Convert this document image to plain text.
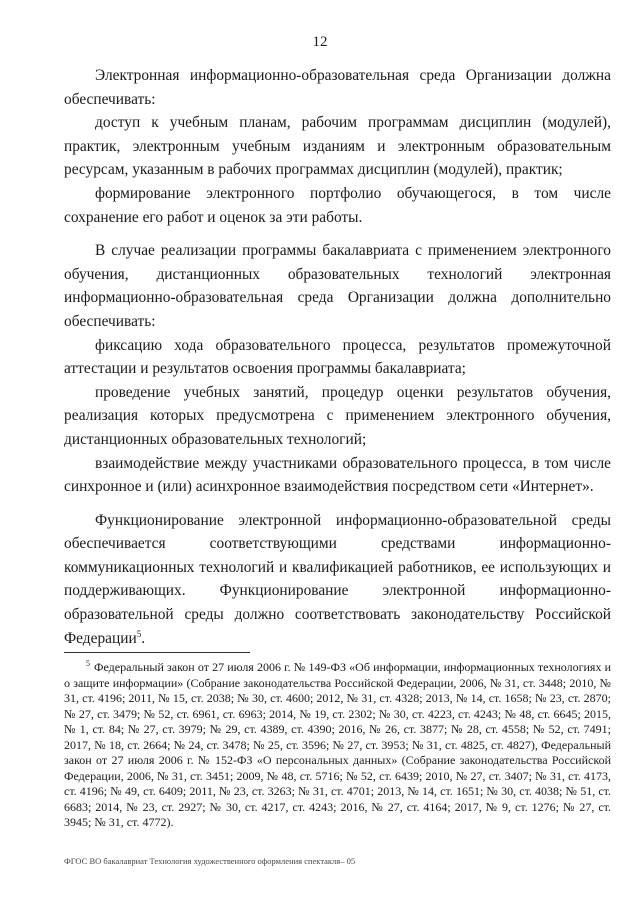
12

Электронная информационно-образовательная среда Организации должна обеспечивать:

доступ к учебным планам, рабочим программам дисциплин (модулей), практик, электронным учебным изданиям и электронным образовательным ресурсам, указанным в рабочих программах дисциплин (модулей), практик;

формирование электронного портфолио обучающегося, в том числе сохранение его работ и оценок за эти работы.

В случае реализации программы бакалавриата с применением электронного обучения, дистанционных образовательных технологий электронная информационно-образовательная среда Организации должна дополнительно обеспечивать:

фиксацию хода образовательного процесса, результатов промежуточной аттестации и результатов освоения программы бакалавриата;

проведение учебных занятий, процедур оценки результатов обучения, реализация которых предусмотрена с применением электронного обучения, дистанционных образовательных технологий;

взаимодействие между участниками образовательного процесса, в том числе синхронное и (или) асинхронное взаимодействия посредством сети «Интернет».

Функционирование электронной информационно-образовательной среды обеспечивается соответствующими средствами информационно-коммуникационных технологий и квалификацией работников, ее использующих и поддерживающих. Функционирование электронной информационно-образовательной среды должно соответствовать законодательству Российской Федерации$^5$.

$^5$ Федеральный закон от 27 июля 2006 г. № 149-ФЗ «Об информации, информационных технологиях и о защите информации» (Собрание законодательства Российской Федерации, 2006, № 31, ст. 3448; 2010, № 31, ст. 4196; 2011, № 15, ст. 2038; № 30, ст. 4600; 2012, № 31, ст. 4328; 2013, № 14, ст. 1658; № 23, ст. 2870; № 27, ст. 3479; № 52, ст. 6961, ст. 6963; 2014, № 19, ст. 2302; № 30, ст. 4223, ст. 4243; № 48, ст. 6645; 2015, № 1, ст. 84; № 27, ст. 3979; № 29, ст. 4389, ст. 4390; 2016, № 26, ст. 3877; № 28, ст. 4558; № 52, ст. 7491; 2017, № 18, ст. 2664; № 24, ст. 3478; № 25, ст. 3596; № 27, ст. 3953; № 31, ст. 4825, ст. 4827), Федеральный закон от 27 июля 2006 г. № 152-ФЗ «О персональных данных» (Собрание законодательства Российской Федерации, 2006, № 31, ст. 3451; 2009, № 48, ст. 5716; № 52, ст. 6439; 2010, № 27, ст. 3407; № 31, ст. 4173, ст. 4196; № 49, ст. 6409; 2011, № 23, ст. 3263; № 31, ст. 4701; 2013, № 14, ст. 1651; № 30, ст. 4038; № 51, ст. 6683; 2014, № 23, ст. 2927; № 30, ст. 4217, ст. 4243; 2016, № 27, ст. 4164; 2017, № 9, ст. 1276; № 27, ст. 3945; № 31, ст. 4772).
ФГОС ВО бакалавриат Технология художественного оформления спектакля– 05
